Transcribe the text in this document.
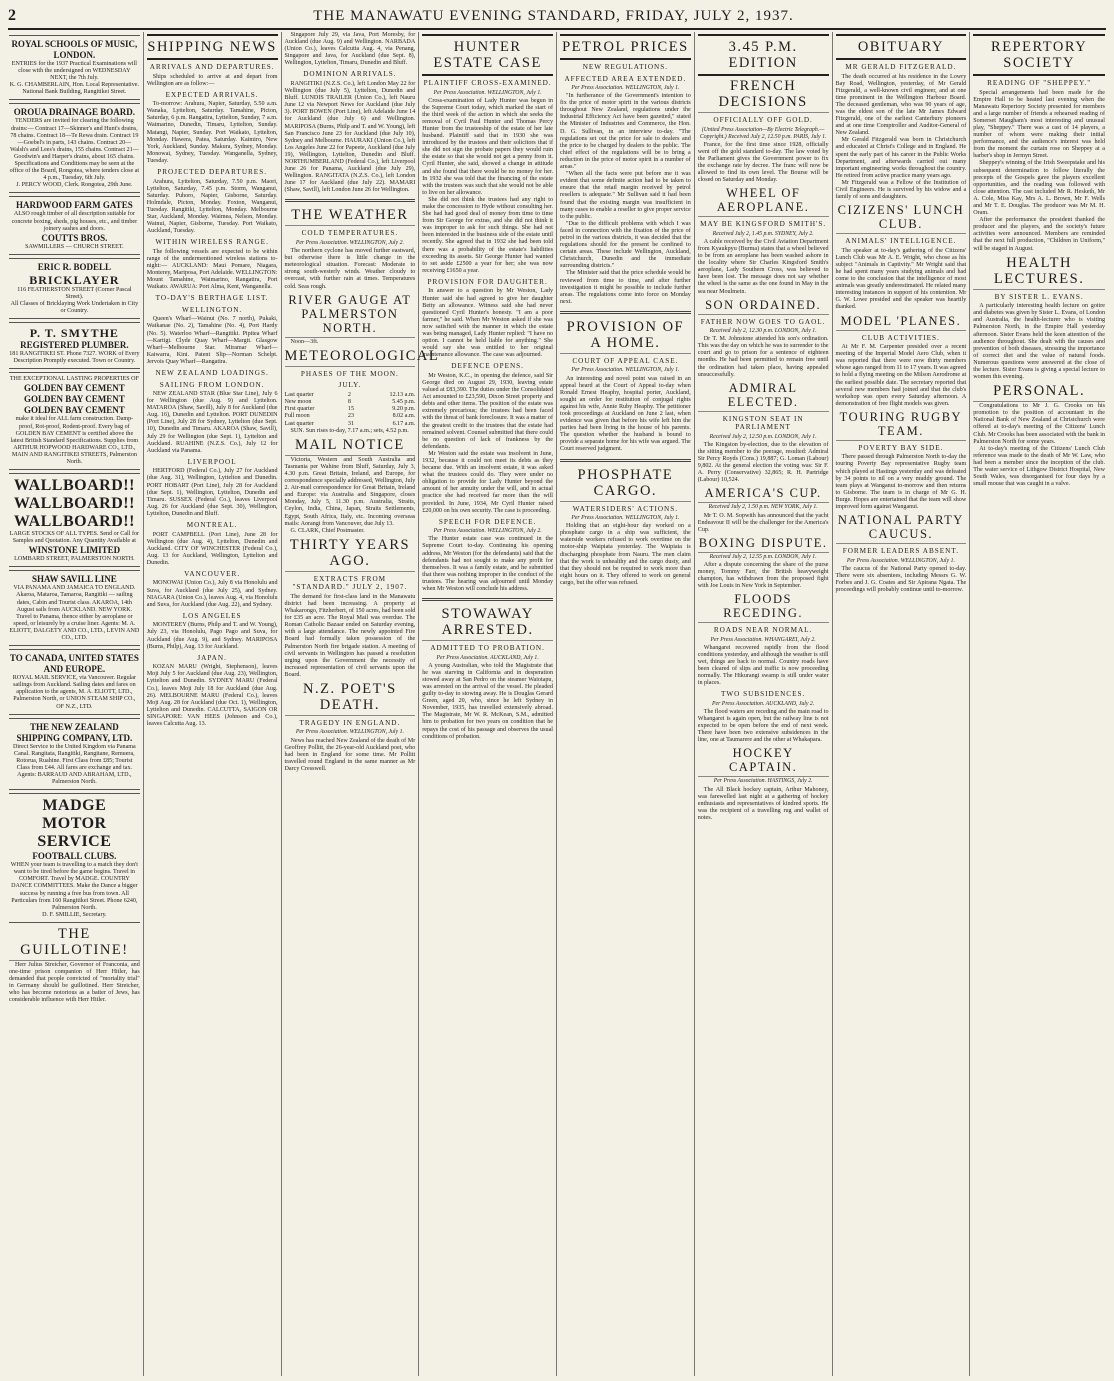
2	THE MANAWATU EVENING STANDARD, FRIDAY, JULY 2, 1937.
ROYAL SCHOOLS OF MUSIC, LONDON.
ENTRIES for the 1937 Practical Examinations will close with the undersigned on WEDNESDAY NEXT, the 7th July.
K. G. CHAMBERLAIN, Hon. Local Representative. National Bank Building, Rangitikei Street.
OROUA DRAINAGE BOARD.
TENDERS are invited for clearing the following drains:— Contract 17—Skinner's and Hunt's drains, 78 chains. Contract 18—Te Rewa drain. Contract 19—Goebel's in parts, 143 chains. Contract 20—Walsh's and Lees's drains, 155 chains. Contract 21—Goodwin's and Harper's drains, about 165 chains. Specifications and Conditions may be seen at the office of the Board, Rongotea, where tenders close at 4 p.m., Tuesday, 6th July.
J. PERCY WOOD, Clerk. Rongotea, 29th June.
HARDWOOD FARM GATES
ALSO rough timber of all description suitable for concrete boxing, sheds, pig houses, etc., and timber joinery sashes and doors.
COUTTS BROS.
SAWMILLERS — CHURCH STREET.
ERIC R. BODELL
BRICKLAYER
116 FEATHERSTON STREET (Corner Pascal Street).
All Classes of Bricklaying Work Undertaken in City or Country.
P. T. SMYTHE
REGISTERED PLUMBER.
181 RANGITIKEI ST. Phone 7327. WORK of Every Description Promptly executed. Town or Country.
THE EXCEPTIONAL LASTING PROPERTIES OF
GOLDEN BAY CEMENT
GOLDEN BAY CEMENT
GOLDEN BAY CEMENT
make it ideal for ALL farm construction. Damp-proof, Rot-proof, Rodent-proof. Every bag of GOLDEN BAY CEMENT is certified above the latest British Standard Specifications. Supplies from ARTHUR HOPWOOD HARDWARE CO., LTD., MAIN AND RANGITIKEI STREETS, Palmerston North.
WALLBOARD!!
WALLBOARD!!
WALLBOARD!!
LARGE STOCKS OF ALL TYPES. Send or Call for Samples and Quotation. Any Quantity Available at
WINSTONE LIMITED
LOMBARD STREET, PALMERSTON NORTH.
SHAW SAVILL LINE
VIA PANAMA AND JAMAICA TO ENGLAND.
Akaroa, Mataroa, Tamaroa, Rangitiki — sailing dates, Cabin and Tourist class. AKAROA, 14th August sails from AUCKLAND. NEW YORK. Travel to Panama, thence either by aeroplane or speed, or leisurely by a cruise liner. Agents: M. A. ELIOTT, DALGETY AND CO., LTD., LEVIN AND CO., LTD.
TO CANADA, UNITED STATES AND EUROPE.
ROYAL MAIL SERVICE, via Vancouver. Regular sailings from Auckland. Sailing dates and fares on application to the agents, M. A. ELIOTT, LTD., Palmerston North, or UNION STEAM SHIP CO., OF N.Z., LTD.
THE NEW ZEALAND SHIPPING COMPANY, LTD.
Direct Service to the United Kingdom via Panama Canal. Rangitata, Rangitiki, Rangitane, Remuera, Rotorua, Ruahine. First Class from £85; Tourist Class from £44. All fares are exchange and tax. Agents: BARRAUD AND ABRAHAM, LTD., Palmerston North.
MADGE MOTOR SERVICE
FOOTBALL CLUBS.
WHEN your team is travelling to a match they don't want to be tired before the game begins. Travel in COMFORT. Travel by MADGE. COUNTRY DANCE COMMITTEES. Make the Dance a bigger success by running a free bus from town. All Particulars from 160 Rangitikei Street. Phone 6240, Palmerston North.
D. F. SMILLIE, Secretary.
THE GUILLOTINE!
Herr Julius Streicher, Governor of Franconia, and one-time prison companion of Herr Hitler, has demanded that people convicted of "mortality trial" in Germany should be guillotined. Herr Streicher, who has become notorious as a baiter of Jews, has considerable influence with Herr Hitler.
SHIPPING NEWS
ARRIVALS AND DEPARTURES.
Ships scheduled to arrive at and depart from Wellington are as follow:—
EXPECTED ARRIVALS.
To-morrow: Arahura, Napier, Saturday, 5.50 a.m. Wanaka, Lyttelton, Saturday. Tamahine, Picton, Saturday, 6 p.m. Rangatira, Lyttelton, Sunday, 7 a.m. Waimarino, Dunedin, Timaru, Lyttelton, Sunday. Matangi, Napier, Sunday. Port Waikato, Lyttelton, Monday. Hawera, Patea, Saturday. Kaimiro, New York, Auckland, Sunday. Makura, Sydney, Monday. Monowai, Sydney, Tuesday. Wanganella, Sydney, Tuesday.
PROJECTED DEPARTURES.
Arahura, Lyttelton, Saturday, 7.50 p.m. Maori, Lyttelton, Saturday, 7.45 p.m. Storm, Wanganui, Saturday. Puhoro, Napier, Gisborne, Saturday. Holmdale, Picton, Monday. Foxton, Wanganui, Tuesday. Rangitiki, Lyttelton, Monday. Melbourne Star, Auckland, Monday. Waimea, Nelson, Monday. Wainui, Napier, Gisborne, Tuesday. Port Waikato, Auckland, Tuesday.
WITHIN WIRELESS RANGE.
The following vessels are expected to be within range of the undermentioned wireless stations to-night:— AUCKLAND: Maui Pomare, Niagara, Monterey, Mariposa, Port Adelaide. WELLINGTON: Mount Tamahine, Waimarino, Rangatira, Port Waikato. AWARUA: Port Alma, Kent, Wanganella.
TO-DAY'S BERTHAGE LIST.
WELLINGTON.
Queen's Wharf—Wainui (No. 7 north), Pukaki, Waikanae (No. 2), Tamahine (No. 4), Port Hardy (No. 5). Waterloo Wharf—Rangitiki. Pipitea Wharf—Kartigi. Clyde Quay Wharf—Margit. Glasgow Wharf—Melbourne Star. Miramar Wharf—Kaiwarra, Kini. Patent Slip—Norman Schelpt. Jervois Quay Wharf—Rangatira.
NEW ZEALAND LOADINGS.
SAILING FROM LONDON.
NEW ZEALAND STAR (Blue Star Line), July 6 for Wellington (due Aug. 9) and Lyttelton. MATAROA (Shaw, Savill), July 8 for Auckland (due Aug. 16), Dunedin and Lyttelton. PORT DUNEDIN (Port Line), July 28 for Sydney, Lyttelton (due Sept. 10), Dunedin and Timaru. AKAROA (Shaw, Savill), July 29 for Wellington (due Sept. 1), Lyttelton and Auckland. RUAHINE (N.Z.S. Co.), July 12 for Auckland via Panama.
LIVERPOOL
HERTFORD (Federal Co.), July 27 for Auckland (due Aug. 31), Wellington, Lyttelton and Dunedin. PORT HOBART (Port Line), July 28 for Auckland (due Sept. 1), Wellington, Lyttelton, Dunedin and Timaru. SUSSEX (Federal Co.), leaves Liverpool Aug. 26 for Auckland (due Sept. 30), Wellington, Lyttelton, Dunedin and Bluff.
MONTREAL.
PORT CAMPBELL (Port Line), June 28 for Wellington (due Aug. 4), Lyttelton, Dunedin and Auckland. CITY OF WINCHESTER (Federal Co.), Aug. 13 for Auckland, Wellington, Lyttelton and Dunedin.
VANCOUVER.
MONOWAI (Union Co.), July 8 via Honolulu and Suva, for Auckland (due July 25), and Sydney. NIAGARA (Union Co.), leaves Aug. 4, via Honolulu and Suva, for Auckland (due Aug. 22), and Sydney.
LOS ANGELES
MONTEREY (Burns, Philp and T. and W. Young), July 23, via Honolulu, Pago Pago and Suva, for Auckland (due Aug. 9), and Sydney. MARIPOSA (Burns, Philp), Aug. 13 for Auckland.
JAPAN.
KOZAN MARU (Wright, Stephenson), leaves Moji July 5 for Auckland (due Aug. 23), Wellington, Lyttelton and Dunedin. SYDNEY MARU (Federal Co.), leaves Moji July 18 for Auckland (due Aug. 26). MELBOURNE MARU (Federal Co.), leaves Moji Aug. 28 for Auckland (due Oct. 1), Wellington, Lyttelton and Dunedin. CALCUTTA, SAIGON OR SINGAPORE: VAN HEES (Johnson and Co.), leaves Calcutta Aug. 13.
Singapore July 29, via Java, Port Moresby, for Auckland (due Aug. 9) and Wellington. NARBADA (Union Co.), leaves Calcutta Aug. 4, via Penang, Singapore and Java, for Auckland (due Sept. 8), Wellington, Lyttelton, Timaru, Dunedin and Bluff.
DOMINION ARRIVALS.
RANGITIKI (N.Z.S. Co.), left London May 22 for Wellington (due July 5), Lyttelton, Dunedin and Bluff. LUNDIS TRAILER (Union Co.), left Nauru June 12 via Newport News for Auckland (due July 3). PORT BOWEN (Port Line), left Adelaide June 14 for Auckland (due July 6) and Wellington. MARIPOSA (Burns, Philp and T. and W. Young), left San Francisco June 23 for Auckland (due July 10), Sydney and Melbourne. HAURAKI (Union Co.), left Los Angeles June 22 for Papeete, Auckland (due July 19), Wellington, Lyttelton, Dunedin and Bluff. NORTHUMBERLAND (Federal Co.), left Liverpool June 26 for Panama, Auckland (due July 29), Wellington. RANGITATA (N.Z.S. Co.), left London June 17 for Auckland (due July 22). MAMARI (Shaw, Savill), left London June 26 for Wellington.
THE WEATHER
COLD TEMPERATURES.
Per Press Association. WELLINGTON, July 2.
The northern cyclone has moved further eastward, but otherwise there is little change in the meteorological situation. Forecast: Moderate to strong south-westerly winds. Weather cloudy to overcast, with further rain at times. Temperatures cold. Seas rough.
RIVER GAUGE AT PALMERSTON NORTH.
Noon—3ft.
METEOROLOGICAL
PHASES OF THE MOON.
JULY.
Last quarter	2	12.13 a.m.
New moon	8	5.45 p.m.
First quarter	15	9.20 p.m.
Full moon	23	8.02 a.m.
Last quarter	31	6.17 a.m.
SUN. Sun rises to-day, 7.17 a.m.; sets, 4.52 p.m.
MAIL NOTICE
Victoria, Western and South Australia and Tasmania per Wahine from Bluff, Saturday, July 3, 4.30 p.m. Great Britain, Ireland, and Europe, for correspondence specially addressed, Wellington, July 2. Air-mail correspondence for Great Britain, Ireland and Europe: via Australia and Singapore, closes Monday, July 5, 11.30 p.m. Australia, Straits, Ceylon, India, China, Japan, Straits Settlements, Egypt, South Africa, Italy, etc. Incoming overseas mails: Aorangi from Vancouver, due July 13.
G. CLARK, Chief Postmaster.
THIRTY YEARS AGO.
EXTRACTS FROM "STANDARD." JULY 2, 1907.
The demand for first-class land in the Manawatu district had been increasing. A property at Whakarongo, Fitzherbert, of 150 acres, had been sold for £35 an acre. The Royal Mail was overdue. The Roman Catholic Bazaar ended on Saturday evening, with a large attendance. The newly appointed Fire Board had formally taken possession of the Palmerston North fire brigade station. A meeting of civil servants in Wellington has passed a resolution urging upon the Government the necessity of increased representation of civil servants upon the Board.
N.Z. POET'S DEATH.
TRAGEDY IN ENGLAND.
Per Press Association. WELLINGTON, July 1.
News has reached New Zealand of the death of Mr Geoffrey Pollitt, the 26-year-old Auckland poet, who had been in England for some time. Mr Pollitt travelled round England in the same manner as Mr Darcy Cresswell.
HUNTER ESTATE CASE
PLAINTIFF CROSS-EXAMINED.
Per Press Association. WELLINGTON, July 1.
Cross-examination of Lady Hunter was begun in the Supreme Court today, which marked the start of the third week of the action in which she seeks the removal of Cyril Paul Hunter and Thomas Percy Hunter from the trusteeship of the estate of her late husband. Plaintiff said that in 1930 she was introduced by the trustees and their solicitors that if she did not sign the probate papers they would ruin the estate so that she would not get a penny from it. Cyril Hunter, she said, showed a change in attitude and she found that there would be no money for her. In 1932 she was told that the financing of the estate with the trustees was such that she would not be able to live on her allowance.
She did not think the trustees had any right to make the concession to Hyde without consulting her. She had had good deal of money from time to time from Sir George for extras, and she did not think it was improper to ask for such things. She had not been interested in the business side of the estate until recently. She agreed that in 1932 she had been told there was a probability of the estate's liabilities exceeding its assets. Sir George Hunter had wanted to set aside £2500 a year for her; she was now receiving £1650 a year.
PROVISION FOR DAUGHTER.
In answer to a question by Mr Weston, Lady Hunter said she had agreed to give her daughter Betty an allowance. Witness said she had never questioned Cyril Hunter's honesty. "I am a poor farmer," he said. When Mr Weston asked if she was now satisfied with the manner in which the estate was being managed, Lady Hunter replied: "I have no option. I cannot be held liable for anything." She would say she was entitled to her original maintenance allowance. The case was adjourned.
DEFENCE OPENS.
Mr Weston, K.C., in opening the defence, said Sir George died on August 29, 1930, leaving estate valued at £83,390. The duties under the Consolidated Act amounted to £23,590, Dixon Street property and debts and other items. The position of the estate was extremely precarious; the trustees had been faced with the threat of bank foreclosure. It was a matter of the greatest credit to the trustees that the estate had remained solvent. Counsel submitted that there could be no question of lack of frankness by the defendants.
Mr Weston said the estate was insolvent in June, 1932, because it could not meet its debts as they became due. With an insolvent estate, it was asked what the trustees could do. They were under no obligation to provide for Lady Hunter beyond the amount of her annuity under the will, and in actual practice she had received far more than the will provided. In June, 1934, Mr Cyril Hunter raised £20,000 on his own security. The case is proceeding.
SPEECH FOR DEFENCE.
Per Press Association. WELLINGTON, July 2.
The Hunter estate case was continued in the Supreme Court to-day. Continuing his opening address, Mr Weston (for the defendants) said that the defendants had not sought to make any profit for themselves. It was a family estate, and he submitted that there was nothing improper in the conduct of the trustees. The hearing was adjourned until Monday when Mr Weston will conclude his address.
STOWAWAY ARRESTED.
ADMITTED TO PROBATION.
Per Press Association. AUCKLAND, July 1.
A young Australian, who told the Magistrate that he was starving in California and in desperation stowed away at San Pedro on the steamer Waiotapu, was arrested on the arrival of the vessel. He pleaded guilty to-day to stowing away. He is Douglas Gerard Green, aged 20, who, since he left Sydney in November, 1935, has travelled extensively abroad. The Magistrate, Mr W. R. McKean, S.M., admitted him to probation for two years on condition that he repays the cost of his passage and observes the usual conditions of probation.
PETROL PRICES
NEW REGULATIONS.
AFFECTED AREA EXTENDED.
Per Press Association. WELLINGTON, July 1.
"In furtherance of the Government's intention to fix the price of motor spirit in the various districts throughout New Zealand, regulations under the Industrial Efficiency Act have been gazetted," stated the Minister of Industries and Commerce, the Hon. D. G. Sullivan, in an interview to-day. "The regulations set out the price for sale to dealers and the price to be charged by dealers to the public. The chief effect of the regulations will be to bring a reduction in the price of motor spirit in a number of areas."
"When all the facts were put before me it was evident that some definite action had to be taken to ensure that the retail margin received by petrol resellers is adequate." Mr Sullivan said it had been found that the existing margin was insufficient in many cases to enable a reseller to give proper service to the public.
"Due to the difficult problems with which I was faced in connection with the fixation of the price of petrol in the various districts, it was decided that the regulations should for the present be confined to certain areas. These include Wellington, Auckland, Christchurch, Dunedin and the immediate surrounding districts."
The Minister said that the price schedule would be reviewed from time to time, and after further investigation it might be possible to include further areas. The regulations come into force on Monday next.
PROVISION OF A HOME.
COURT OF APPEAL CASE.
Per Press Association. WELLINGTON, July 1.
An interesting and novel point was raised in an appeal heard at the Court of Appeal to-day when Ronald Ernest Heaphy, hospital porter, Auckland, sought an order for restitution of conjugal rights against his wife, Annie Ruby Heaphy. The petitioner took proceedings at Auckland on June 2 last, when evidence was given that before his wife left him the parties had been living in the house of his parents. The question whether the husband is bound to provide a separate home for his wife was argued. The Court reserved judgment.
PHOSPHATE CARGO.
WATERSIDERS' ACTIONS.
Per Press Association. WELLINGTON, July 1.
Holding that an eight-hour day worked on a phosphate cargo in a ship was sufficient, the waterside workers refused to work overtime on the motor-ship Waipiata yesterday. The Waipiata is discharging phosphate from Nauru. The men claim that the work is unhealthy and the cargo dusty, and that they should not be required to work more than eight hours on it. They offered to work on general cargo, but the offer was refused.
3.45 P.M. EDITION
FRENCH DECISIONS
OFFICIALLY OFF GOLD.
(United Press Association—By Electric Telegraph.—Copyright.) Received July 2, 12.50 p.m. PARIS, July 1.
France, for the first time since 1928, officially went off the gold standard to-day. The law voted by the Parliament gives the Government power to fix the exchange rate by decree. The franc will now be allowed to find its own level. The Bourse will be closed on Saturday and Monday.
WHEEL OF AEROPLANE.
MAY BE KINGSFORD SMITH'S.
Received July 2, 1.45 p.m. SYDNEY, July 2.
A cable received by the Civil Aviation Department from Kyaukpyu (Burma) states that a wheel believed to be from an aeroplane has been washed ashore in the locality where Sir Charles Kingsford Smith's aeroplane, Lady Southern Cross, was believed to have been lost. The message does not say whether the wheel is the same as the one found in May in the sea near Moulmein.
SON ORDAINED.
FATHER NOW GOES TO GAOL.
Received July 2, 12.30 p.m. LONDON, July 1.
Dr T. M. Johnstone attended his son's ordination. This was the day on which he was to surrender to the court and go to prison for a sentence of eighteen months. He had been permitted to remain free until the ordination had taken place, having appealed unsuccessfully.
ADMIRAL ELECTED.
KINGSTON SEAT IN PARLIAMENT
Received July 2, 12.50 p.m. LONDON, July 1.
The Kingston by-election, due to the elevation of the sitting member to the peerage, resulted: Admiral Sir Percy Royds (Cons.) 19,887; G. Loman (Labour) 9,802. At the general election the voting was: Sir F. A. Perry (Conservative) 32,865; R. H. Partridge (Labour) 10,524.
AMERICA'S CUP.
Received July 2, 1.50 p.m. NEW YORK, July 1.
Mr T. O. M. Sopwith has announced that the yacht Endeavour II will be the challenger for the America's Cup.
BOXING DISPUTE.
Received July 2, 12.55 p.m. LONDON, July 1.
After a dispute concerning the share of the purse money, Tommy Farr, the British heavyweight champion, has withdrawn from the proposed fight with Joe Louis in New York in September.
FLOODS RECEDING.
ROADS NEAR NORMAL.
Per Press Association. WHANGAREI, July 2.
Whangarei recovered rapidly from the flood conditions yesterday, and although the weather is still wet, things are back to normal. Country roads have been cleared of slips and traffic is now proceeding normally. The Hikurangi swamp is still under water in places.
TWO SUBSIDENCES.
Per Press Association. AUCKLAND, July 2.
The flood waters are receding and the main road to Whangarei is again open, but the railway line is not expected to be open before the end of next week. There have been two extensive subsidences in the line, one at Taumarere and the other at Whakapara.
HOCKEY CAPTAIN.
Per Press Association. HASTINGS, July 2.
The All Black hockey captain, Arthur Mahoney, was farewelled last night at a gathering of hockey enthusiasts and representatives of kindred sports. He was the recipient of a travelling rug and wallet of notes.
OBITUARY
MR GERALD FITZGERALD.
The death occurred at his residence in the Lowry Bay Road, Wellington, yesterday, of Mr Gerald Fitzgerald, a well-known civil engineer, and at one time prominent in the Wellington Harbour Board. The deceased gentleman, who was 90 years of age, was the eldest son of the late Mr James Edward Fitzgerald, one of the earliest Canterbury pioneers and at one time Comptroller and Auditor-General of New Zealand.
Mr Gerald Fitzgerald was born in Christchurch and educated at Christ's College and in England. He spent the early part of his career in the Public Works Department, and afterwards carried out many important engineering works throughout the country. He retired from active practice many years ago.
Mr Fitzgerald was a Fellow of the Institution of Civil Engineers. He is survived by his widow and a family of sons and daughters.
CIZIZENS' LUNCH CLUB.
ANIMALS' INTELLIGENCE.
The speaker at to-day's gathering of the Citizens' Lunch Club was Mr A. E. Wright, who chose as his subject "Animals in Captivity." Mr Wright said that he had spent many years studying animals and had come to the conclusion that the intelligence of most animals was greatly underestimated. He related many interesting instances in support of his contention. Mr G. W. Lowe presided and the speaker was heartily thanked.
MODEL 'PLANES.
CLUB ACTIVITIES.
At Mr F. M. Carpenter presided over a recent meeting of the Imperial Model Aero Club, when it was reported that there were now thirty members whose ages ranged from 11 to 17 years. It was agreed to hold a flying meeting on the Milson Aerodrome at the earliest possible date. The secretary reported that several new members had joined and that the club's workshop was open every Saturday afternoon. A demonstration of free flight models was given.
TOURING RUGBY TEAM.
POVERTY BAY SIDE.
There passed through Palmerston North to-day the touring Poverty Bay representative Rugby team which played at Hastings yesterday and was defeated by 34 points to nil on a very muddy ground. The team plays at Wanganui to-morrow and then returns to Gisborne. The team is in charge of Mr G. H. Burge. Hopes are entertained that the team will show improved form against Wanganui.
NATIONAL PARTY CAUCUS.
FORMER LEADERS ABSENT.
Per Press Association. WELLINGTON, July 1.
The caucus of the National Party opened to-day. There were six absentees, including Messrs G. W. Forbes and J. G. Coates and Sir Apirana Ngata. The proceedings will probably continue until to-morrow.
REPERTORY SOCIETY
READING OF "SHEPPEY."
Special arrangements had been made for the Empire Hall to be heated last evening when the Manawatu Repertory Society presented for members and a large number of friends a rehearsed reading of Somerset Maugham's most interesting and unusual play, "Sheppey." There was a cast of 14 players, a number of whom were making their initial performance, and the audience's interest was held from the moment the curtain rose on Sheppey at a barber's shop in Jermyn Street.
Sheppey's winning of the Irish Sweepstake and his subsequent determination to follow literally the precepts of the Gospels gave the players excellent opportunities, and the reading was followed with close attention. The cast included Mr R. Hesketh, Mr A. Cole, Miss Kay, Mrs A. L. Brown, Mr F. Wells and Mr T. E. Douglas. The producer was Mr M. H. Oram.
After the performance the president thanked the producer and the players, and the society's future activities were announced. Members are reminded that the next full production, "Children in Uniform," will be staged in August.
HEALTH LECTURES.
BY SISTER L. EVANS.
A particularly interesting health lecture on goitre and diabetes was given by Sister L. Evans, of London and Australia, the health-lecturer who is visiting Palmerston North, in the Empire Hall yesterday afternoon. Sister Evans held the keen attention of the audience throughout. She dealt with the causes and prevention of both diseases, stressing the importance of correct diet and the value of natural foods. Numerous questions were answered at the close of the lecture. Sister Evans is giving a special lecture to women this evening.
PERSONAL.
Congratulations to Mr J. G. Crooks on his promotion to the position of accountant in the National Bank of New Zealand at Christchurch were offered at to-day's meeting of the Citizens' Lunch Club. Mr Crooks has been associated with the bank in Palmerston North for some years.
At to-day's meeting of the Citizens' Lunch Club reference was made to the death of Mr W. Law, who had been a member since the inception of the club. The water service of Lithgow District Hospital, New South Wales, was disorganised for four days by a small mouse that was caught in a valve.
